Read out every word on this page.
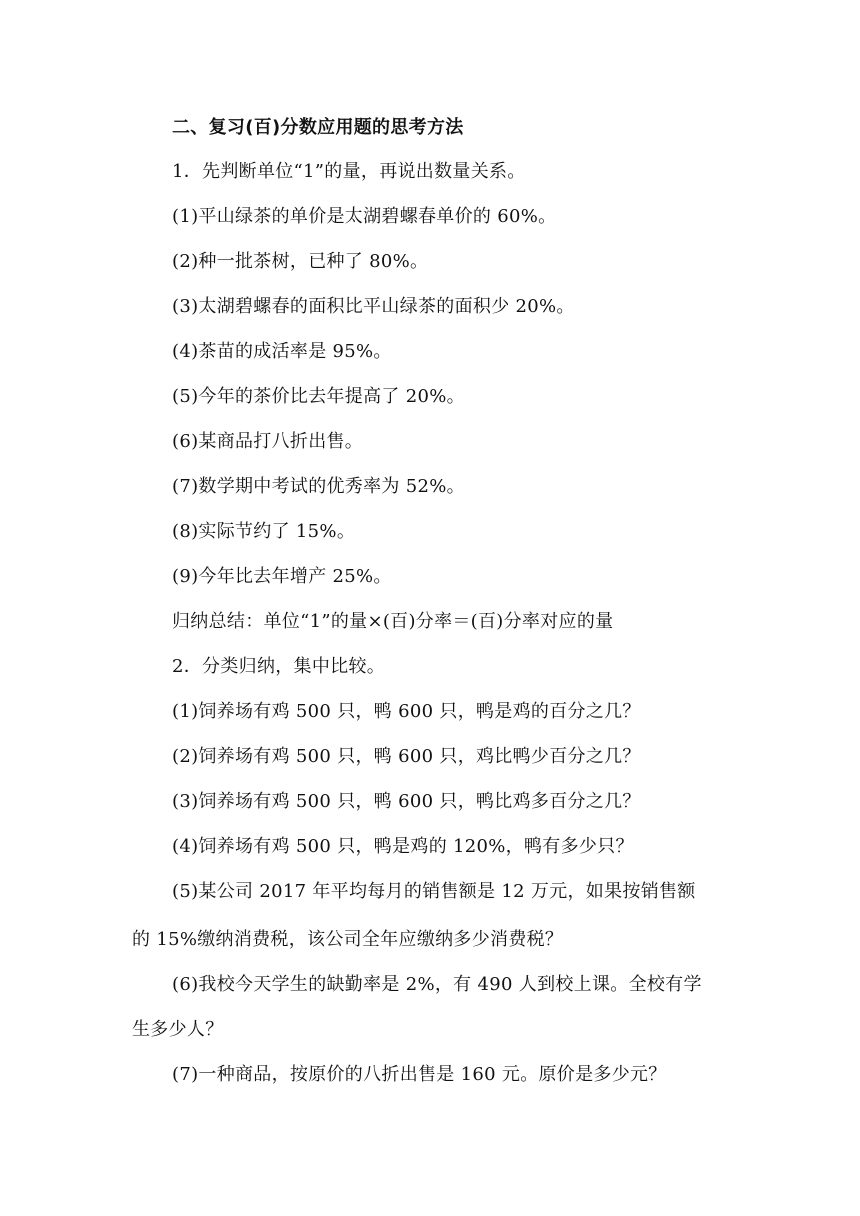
二、复习(百)分数应用题的思考方法
1．先判断单位“1”的量，再说出数量关系。
(1)平山绿茶的单价是太湖碧螺春单价的 60%。
(2)种一批茶树，已种了 80%。
(3)太湖碧螺春的面积比平山绿茶的面积少 20%。
(4)茶苗的成活率是 95%。
(5)今年的茶价比去年提高了 20%。
(6)某商品打八折出售。
(7)数学期中考试的优秀率为 52%。
(8)实际节约了 15%。
(9)今年比去年增产 25%。
归纳总结：单位“1”的量×(百)分率＝(百)分率对应的量
2．分类归纳，集中比较。
(1)饲养场有鸡 500 只，鸭 600 只，鸭是鸡的百分之几？
(2)饲养场有鸡 500 只，鸭 600 只，鸡比鸭少百分之几？
(3)饲养场有鸡 500 只，鸭 600 只，鸭比鸡多百分之几？
(4)饲养场有鸡 500 只，鸭是鸡的 120%，鸭有多少只？
(5)某公司 2017 年平均每月的销售额是 12 万元，如果按销售额
的 15%缴纳消费税，该公司全年应缴纳多少消费税？
(6)我校今天学生的缺勤率是 2%，有 490 人到校上课。全校有学
生多少人？
(7)一种商品，按原价的八折出售是 160 元。原价是多少元？
